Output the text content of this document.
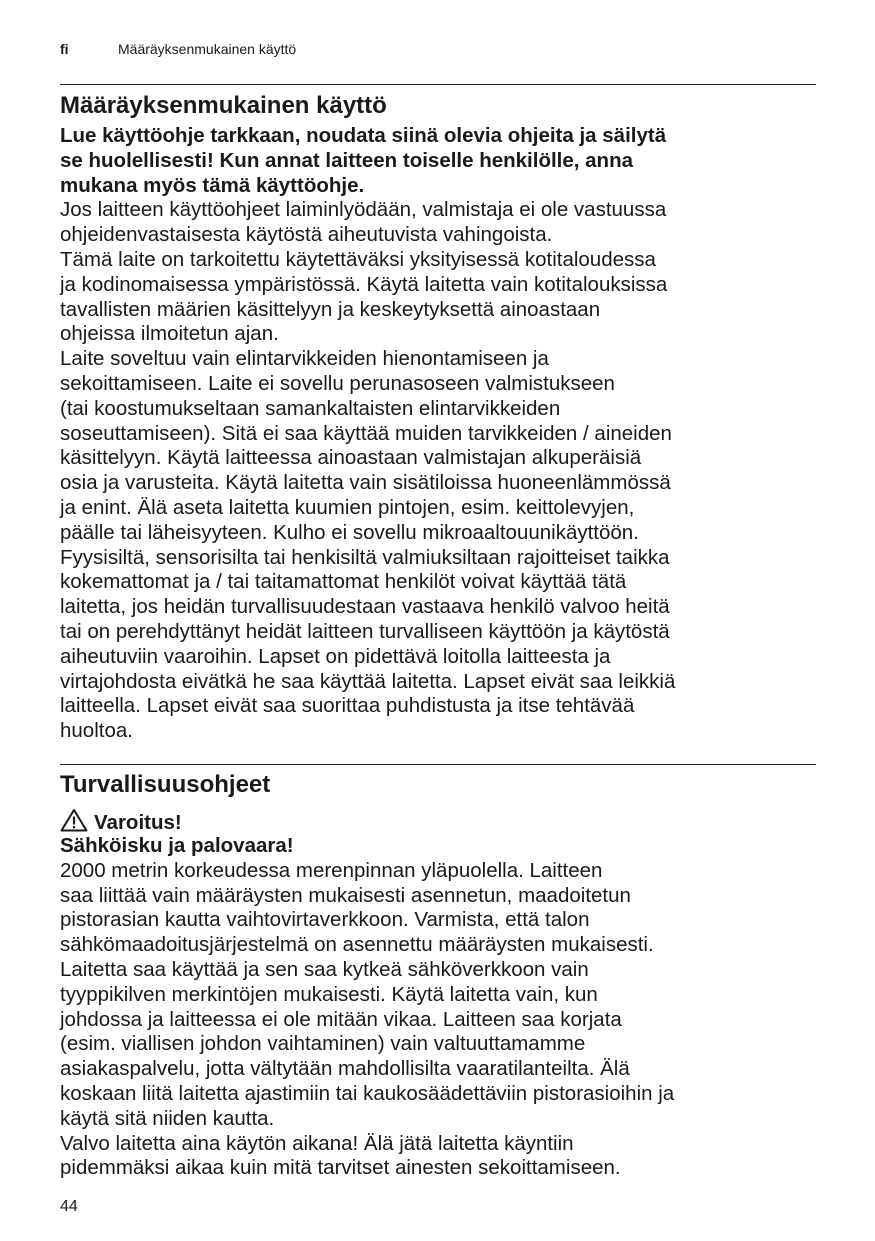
fi	Määräyksenmukainen käyttö
Määräyksenmukainen käyttö
Lue käyttöohje tarkkaan, noudata siinä olevia ohjeita ja säilytä
se huolellisesti! Kun annat laitteen toiselle henkilölle, anna
mukana myös tämä käyttöohje.
Jos laitteen käyttöohjeet laiminlyödään, valmistaja ei ole vastuussa
ohjeidenvastaisesta käytöstä aiheutuvista vahingoista.
Tämä laite on tarkoitettu käytettäväksi yksityisessä kotitaloudessa
ja kodinomaisessa ympäristössä. Käytä laitetta vain kotitalouksissa
tavallisten määrien käsittelyyn ja keskeytyksettä ainoastaan
ohjeissa ilmoitetun ajan.
Laite soveltuu vain elintarvikkeiden hienontamiseen ja
sekoittamiseen. Laite ei sovellu perunasoseen valmistukseen
(tai koostumukseltaan samankaltaisten elintarvikkeiden
soseuttamiseen). Sitä ei saa käyttää muiden tarvikkeiden / aineiden
käsittelyyn. Käytä laitteessa ainoastaan valmistajan alkuperäisiä
osia ja varusteita. Käytä laitetta vain sisätiloissa huoneenlämmössä
ja enint. Älä aseta laitetta kuumien pintojen, esim. keittolevyjen,
päälle tai läheisyyteen. Kulho ei sovellu mikroaaltouunikäyttöön.
Fyysisiltä, sensorisilta tai henkisiltä valmiuksiltaan rajoitteiset taikka
kokemattomat ja / tai taitamattomat henkilöt voivat käyttää tätä
laitetta, jos heidän turvallisuudestaan vastaava henkilö valvoo heitä
tai on perehdyttänyt heidät laitteen turvalliseen käyttöön ja käytöstä
aiheutuviin vaaroihin. Lapset on pidettävä loitolla laitteesta ja
virtajohdosta eivätkä he saa käyttää laitetta. Lapset eivät saa leikkiä
laitteella. Lapset eivät saa suorittaa puhdistusta ja itse tehtävää
huoltoa.
Turvallisuusohjeet
Varoitus!
Sähköisku ja palovaara!
2000 metrin korkeudessa merenpinnan yläpuolella. Laitteen
saa liittää vain määräysten mukaisesti asennetun, maadoitetun
pistorasian kautta vaihtovirtaverkkoon. Varmista, että talon
sähkömaadoitusjärjestelmä on asennettu määräysten mukaisesti.
Laitetta saa käyttää ja sen saa kytkeä sähköverkkoon vain
tyyppikilven merkintöjen mukaisesti. Käytä laitetta vain, kun
johdossa ja laitteessa ei ole mitään vikaa. Laitteen saa korjata
(esim. viallisen johdon vaihtaminen) vain valtuuttamamme
asiakaspalvelu, jotta vältytään mahdollisilta vaaratilanteilta. Älä
koskaan liitä laitetta ajastimiin tai kaukosäädettäviin pistorasioihin ja
käytä sitä niiden kautta.
Valvo laitetta aina käytön aikana! Älä jätä laitetta käyntiin
pidemmäksi aikaa kuin mitä tarvitset ainesten sekoittamiseen.
44
